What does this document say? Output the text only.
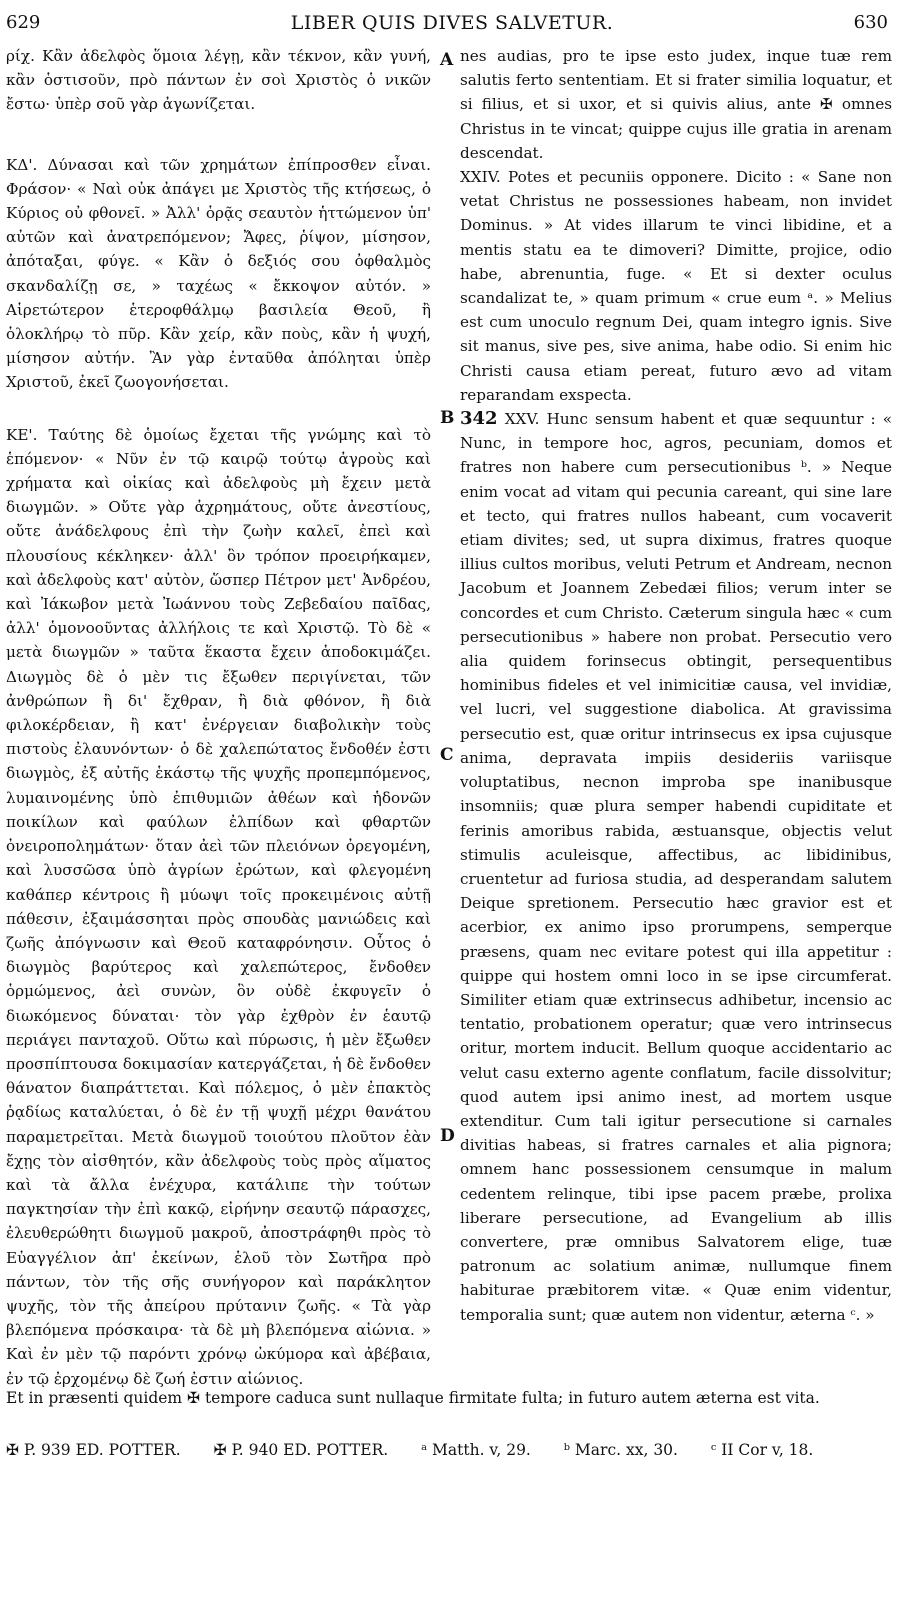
629	LIBER QUIS DIVES SALVETUR.	630

ρίχ. Κἂν ἀδελφὸς ὅμοια λέγῃ, κἂν τέκνον, κἂν γυνή, κἂν ὁστισοῦν, πρὸ πάντων ἐν σοὶ Χριστὸς ὁ νικῶν ἔστω· ὑπὲρ σοῦ γὰρ ἀγωνίζεται.

ΚΔ'. Δύνασαι καὶ τῶν χρημάτων ἐπίπροσθεν εἶναι. Φράσον· « Ναὶ οὐκ ἀπάγει με Χριστὸς τῆς κτήσεως, ὁ Κύριος οὐ φθονεῖ. » Ἀλλ' ὁρᾷς σεαυτὸν ἡττώμενον ὑπ' αὐτῶν καὶ ἀνατρεπόμενον; Ἄφες, ῥίψον, μίσησον, ἀπόταξαι, φύγε. « Κἂν ὁ δεξιός σου ὀφθαλμὸς σκανδαλίζῃ σε, » ταχέως « ἔκκοψον αὐτόν. » Αἱρετώτερον ἑτεροφθάλμῳ βασιλεία Θεοῦ, ἢ ὁλοκλήρῳ τὸ πῦρ. Κἂν χείρ, κἂν ποὺς, κἂν ἡ ψυχή, μίσησον αὐτήν. Ἂν γὰρ ἐνταῦθα ἀπόληται ὑπὲρ Χριστοῦ, ἐκεῖ ζωογονήσεται.

ΚΕ'. Ταύτης δὲ ὁμοίως ἔχεται τῆς γνώμης καὶ τὸ ἑπόμενον· « Νῦν ἐν τῷ καιρῷ τούτῳ ἀγροὺς καὶ χρήματα καὶ οἰκίας καὶ ἀδελφοὺς μὴ ἔχειν μετὰ διωγμῶν. » Οὔτε γὰρ ἀχρημάτους, οὔτε ἀνεστίους, οὔτε ἀνάδελφους ἐπὶ τὴν ζωὴν καλεῖ, ἐπεὶ καὶ πλουσίους κέκληκεν· ἀλλ' ὃν τρόπον προειρήκαμεν, καὶ ἀδελφοὺς κατ' αὐτὸν, ὥσπερ Πέτρον μετ' Ἀνδρέου, καὶ Ἰάκωβον μετὰ Ἰωάννου τοὺς Ζεβεδαίου παῖδας, ἀλλ' ὁμονοοῦντας ἀλλήλοις τε καὶ Χριστῷ. Τὸ δὲ « μετὰ διωγμῶν » ταῦτα ἕκαστα ἔχειν ἀποδοκιμάζει. Διωγμὸς δὲ ὁ μὲν τις ἔξωθεν περιγίνεται, τῶν ἀνθρώπων ἢ δι' ἔχθραν, ἢ διὰ φθόνον, ἢ διὰ φιλοκέρδειαν, ἢ κατ' ἐνέργειαν διαβολικὴν τοὺς πιστοὺς ἐλαυνόντων· ὁ δὲ χαλεπώτατος ἔνδοθέν ἐστι διωγμὸς, ἐξ αὐτῆς ἑκάστῳ τῆς ψυχῆς προπεμπόμενος, λυμαινομένης ὑπὸ ἐπιθυμιῶν ἀθέων καὶ ἡδονῶν ποικίλων καὶ φαύλων ἐλπίδων καὶ φθαρτῶν ὀνειροπολημάτων· ὅταν ἀεὶ τῶν πλειόνων ὀρεγομένη, καὶ λυσσῶσα ὑπὸ ἀγρίων ἐρώτων, καὶ φλεγομένη καθάπερ κέντροις ἢ μύωψι τοῖς προκειμένοις αὐτῇ πάθεσιν, ἐξαιμάσσηται πρὸς σπουδὰς μανιώδεις καὶ ζωῆς ἀπόγνωσιν καὶ Θεοῦ καταφρόνησιν. Οὗτος ὁ διωγμὸς βαρύτερος καὶ χαλεπώτερος, ἔνδοθεν ὁρμώμενος, ἀεὶ συνὼν, ὃν οὐδὲ ἐκφυγεῖν ὁ διωκόμενος δύναται· τὸν γὰρ ἐχθρὸν ἐν ἑαυτῷ περιάγει πανταχοῦ. Οὕτω καὶ πύρωσις, ἡ μὲν ἔξωθεν προσπίπτουσα δοκιμασίαν κατεργάζεται, ἡ δὲ ἔνδοθεν θάνατον διαπράττεται. Καὶ πόλεμος, ὁ μὲν ἐπακτὸς ῥᾳδίως καταλύεται, ὁ δὲ ἐν τῇ ψυχῇ μέχρι θανάτου παραμετρεῖται. Μετὰ διωγμοῦ τοιούτου πλοῦτον ἐὰν ἔχῃς τὸν αἰσθητόν, κἂν ἀδελφοὺς τοὺς πρὸς αἵματος καὶ τὰ ἄλλα ἐνέχυρα, κατάλιπε τὴν τούτων παγκτησίαν τὴν ἐπὶ κακῷ, εἰρήνην σεαυτῷ πάρασχες, ἐλευθερώθητι διωγμοῦ μακροῦ, ἀποστράφηθι πρὸς τὸ Εὐαγγέλιον ἀπ' ἐκείνων, ἑλοῦ τὸν Σωτῆρα πρὸ πάντων, τὸν τῆς σῆς συνήγορον καὶ παράκλητον ψυχῆς, τὸν τῆς ἀπείρου πρύτανιν ζωῆς. « Τὰ γὰρ βλεπόμενα πρόσκαιρα· τὰ δὲ μὴ βλεπόμενα αἰώνια. » Καὶ ἐν μὲν τῷ παρόντι χρόνῳ ὠκύμορα καὶ ἀβέβαια, ἐν τῷ ἐρχομένῳ δὲ ζωή ἐστιν αἰώνιος.

A
B
C
D

nes audias, pro te ipse esto judex, inque tuæ rem salutis ferto sententiam. Et si frater similia loquatur, et si filius, et si uxor, et si quivis alius, ante ✠ omnes Christus in te vincat; quippe cujus ille gratia in arenam descendat.

XXIV. Potes et pecuniis opponere. Dicito : « Sane non vetat Christus ne possessiones habeam, non invidet Dominus. » At vides illarum te vinci libidine, et a mentis statu ea te dimoveri? Dimitte, projice, odio habe, abrenuntia, fuge. « Et si dexter oculus scandalizat te, » quam primum « crue eum ᵃ. » Melius est cum unoculo regnum Dei, quam integro ignis. Sive sit manus, sive pes, sive anima, habe odio. Si enim hic Christi causa etiam pereat, futuro ævo ad vitam reparandam exspecta.

342 XXV. Hunc sensum habent et quæ sequuntur : « Nunc, in tempore hoc, agros, pecuniam, domos et fratres non habere cum persecutionibus ᵇ. » Neque enim vocat ad vitam qui pecunia careant, qui sine lare et tecto, qui fratres nullos habeant, cum vocaverit etiam divites; sed, ut supra diximus, fratres quoque illius cultos moribus, veluti Petrum et Andream, necnon Jacobum et Joannem Zebedæi filios; verum inter se concordes et cum Christo. Cæterum singula hæc « cum persecutionibus » habere non probat. Persecutio vero alia quidem forinsecus obtingit, persequentibus hominibus fideles et vel inimicitiæ causa, vel invidiæ, vel lucri, vel suggestione diabolica. At gravissima persecutio est, quæ oritur intrinsecus ex ipsa cujusque anima, depravata impiis desideriis variisque voluptatibus, necnon improba spe inanibusque insomniis; quæ plura semper habendi cupiditate et ferinis amoribus rabida, æstuansque, objectis velut stimulis aculeisque, affectibus, ac libidinibus, cruentetur ad furiosa studia, ad desperandam salutem Deique spretionem. Persecutio hæc gravior est et acerbior, ex animo ipso prorumpens, semperque præsens, quam nec evitare potest qui illa appetitur : quippe qui hostem omni loco in se ipse circumferat. Similiter etiam quæ extrinsecus adhibetur, incensio ac tentatio, probationem operatur; quæ vero intrinsecus oritur, mortem inducit. Bellum quoque accidentario ac velut casu externo agente conflatum, facile dissolvitur; quod autem ipsi animo inest, ad mortem usque extenditur. Cum tali igitur persecutione si carnales divitias habeas, si fratres carnales et alia pignora; omnem hanc possessionem censumque in malum cedentem relinque, tibi ipse pacem præbe, prolixa liberare persecutione, ad Evangelium ab illis convertere, præ omnibus Salvatorem elige, tuæ patronum ac solatium animæ, nullumque finem habiturae præbitorem vitæ. « Quæ enim videntur, temporalia sunt; quæ autem non videntur, æterna ᶜ. »

Et in præsenti quidem ✠ tempore caduca sunt nullaque firmitate fulta; in futuro autem æterna est vita.
✠ P. 939 ED. POTTER. ✠ P. 940 ED. POTTER. ᵃ Matth. v, 29. ᵇ Marc. xx, 30. ᶜ II Cor v, 18.
